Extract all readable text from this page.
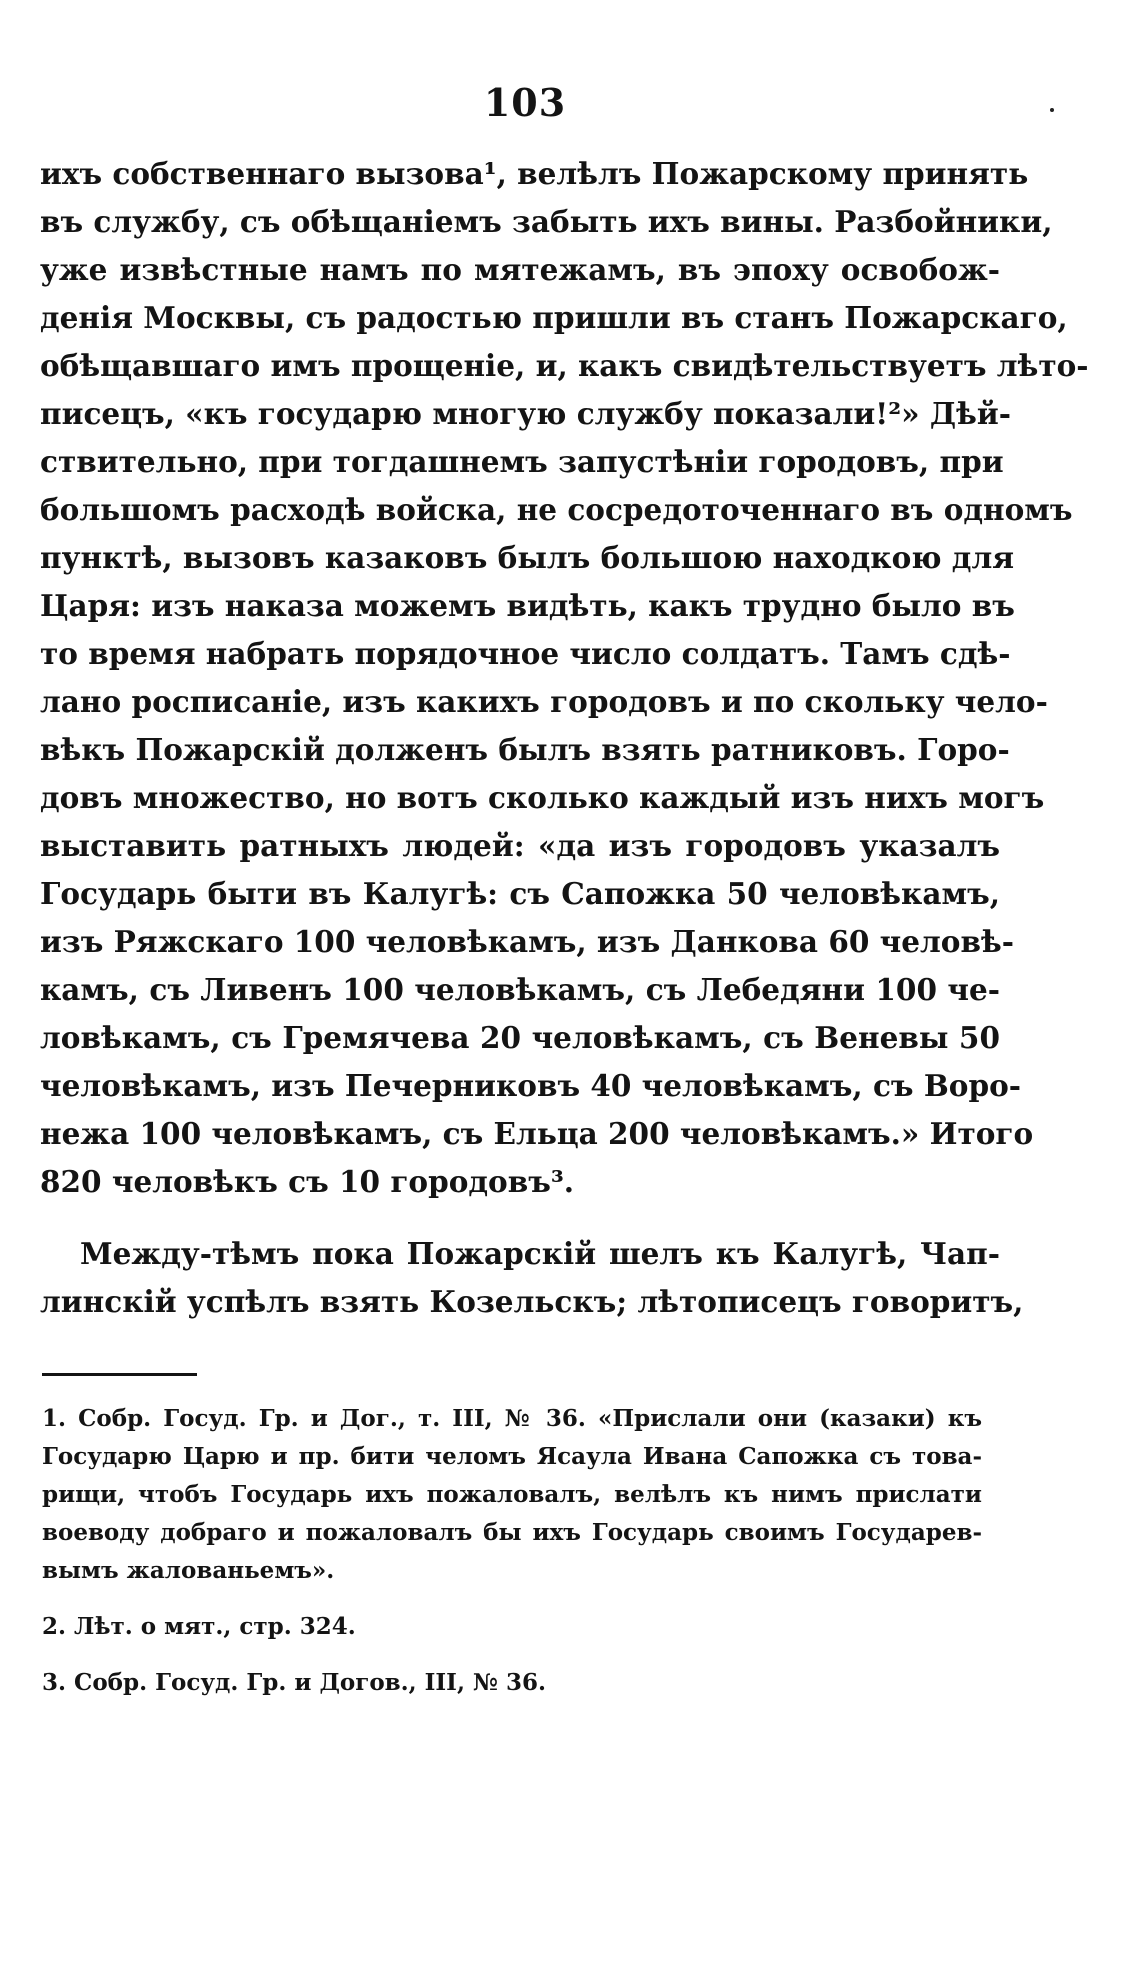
103
ихъ собственнаго вызова¹, велѣлъ Пожарскому принять
въ службу, съ обѣщаніемъ забыть ихъ вины. Разбойники,
уже извѣстные намъ по мятежамъ, въ эпоху освобож-
денія Москвы, съ радостью пришли въ станъ Пожарскаго,
обѣщавшаго имъ прощеніе, и, какъ свидѣтельствуетъ лѣто-
писецъ, «къ государю многую службу показали!²» Дѣй-
ствительно, при тогдашнемъ запустѣніи городовъ, при
большомъ расходѣ войска, не сосредоточеннаго въ одномъ
пунктѣ, вызовъ казаковъ былъ большою находкою для
Царя: изъ наказа можемъ видѣть, какъ трудно было въ
то время набрать порядочное число солдатъ. Тамъ сдѣ-
лано росписаніе, изъ какихъ городовъ и по скольку чело-
вѣкъ Пожарскій долженъ былъ взять ратниковъ. Горо-
довъ множество, но вотъ сколько каждый изъ нихъ могъ
выставить ратныхъ людей: «да изъ городовъ указалъ
Государь быти въ Калугѣ: съ Сапожка 50 человѣкамъ,
изъ Ряжскаго 100 человѣкамъ, изъ Данкова 60 человѣ-
камъ, съ Ливенъ 100 человѣкамъ, съ Лебедяни 100 че-
ловѣкамъ, съ Гремячева 20 человѣкамъ, съ Веневы 50
человѣкамъ, изъ Печерниковъ 40 человѣкамъ, съ Воро-
нежа 100 человѣкамъ, съ Ельца 200 человѣкамъ.» Итого
820 человѣкъ съ 10 городовъ³.
Между-тѣмъ пока Пожарскій шелъ къ Калугѣ, Чап-
линскій успѣлъ взять Козельскъ; лѣтописецъ говоритъ,
1. Собр. Госуд. Гр. и Дог., т. III, № 36. «Прислали они (казаки) къ
Государю Царю и пр. бити челомъ Ясаула Ивана Сапожка съ това-
рищи, чтобъ Государь ихъ пожаловалъ, велѣлъ къ нимъ прислати
воеводу добраго и пожаловалъ бы ихъ Государь своимъ Государев-
вымъ жалованьемъ».
2. Лѣт. о мят., стр. 324.
3. Собр. Госуд. Гр. и Догов., III, № 36.
